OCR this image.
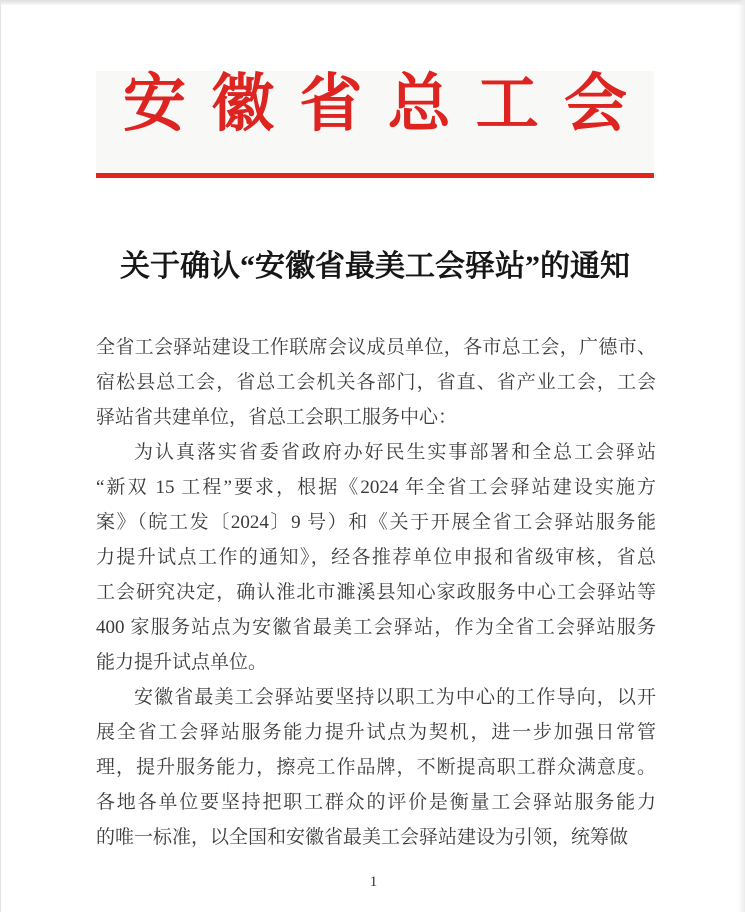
安徽省总工会
关于确认“安徽省最美工会驿站”的通知
全省工会驿站建设工作联席会议成员单位，各市总工会，广德市、
宿松县总工会，省总工会机关各部门，省直、省产业工会，工会
驿站省共建单位，省总工会职工服务中心：
为认真落实省委省政府办好民生实事部署和全总工会驿站
“新双 15 工程”要求，根据《2024 年全省工会驿站建设实施方
案》（皖工发〔2024〕9 号）和《关于开展全省工会驿站服务能
力提升试点工作的通知》，经各推荐单位申报和省级审核，省总
工会研究决定，确认淮北市濉溪县知心家政服务中心工会驿站等
400 家服务站点为安徽省最美工会驿站，作为全省工会驿站服务
能力提升试点单位。
安徽省最美工会驿站要坚持以职工为中心的工作导向，以开
展全省工会驿站服务能力提升试点为契机，进一步加强日常管
理，提升服务能力，擦亮工作品牌，不断提高职工群众满意度。
各地各单位要坚持把职工群众的评价是衡量工会驿站服务能力
的唯一标准，以全国和安徽省最美工会驿站建设为引领，统筹做
1
